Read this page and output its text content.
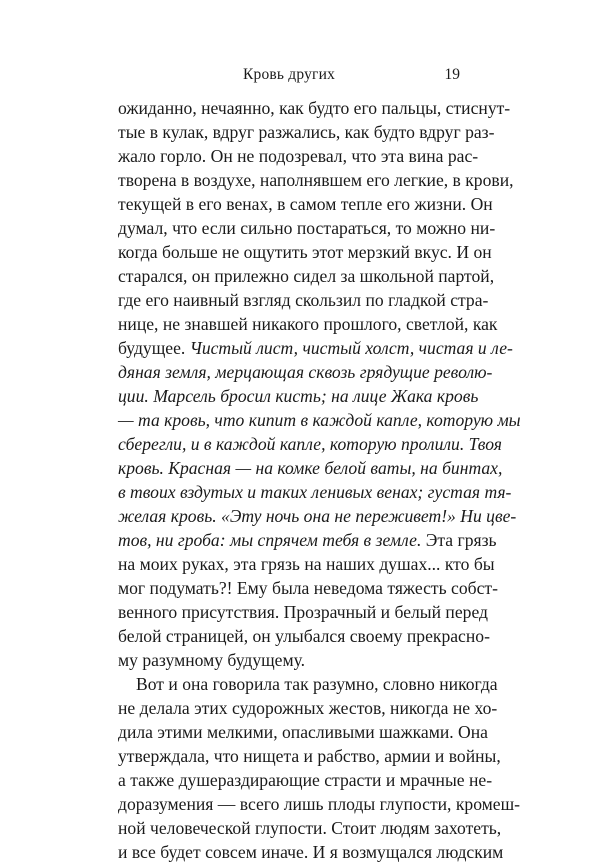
Кровь других	19
ожиданно, нечаянно, как будто его пальцы, стиснут-
тые в кулак, вдруг разжались, как будто вдруг раз-
жало горло. Он не подозревал, что эта вина рас-
творена в воздухе, наполнявшем его легкие, в крови,
текущей в его венах, в самом тепле его жизни. Он
думал, что если сильно постараться, то можно ни-
когда больше не ощутить этот мерзкий вкус. И он
старался, он прилежно сидел за школьной партой,
где его наивный взгляд скользил по гладкой стра-
нице, не знавшей никакого прошлого, светлой, как
будущее. Чистый лист, чистый холст, чистая и ле-
дяная земля, мерцающая сквозь грядущие револю-
ции. Марсель бросил кисть; на лице Жака кровь
— та кровь, что кипит в каждой капле, которую мы
сберегли, и в каждой капле, которую пролили. Твоя
кровь. Красная — на комке белой ваты, на бинтах,
в твоих вздутых и таких ленивых венах; густая тя-
желая кровь. «Эту ночь она не переживет!» Ни цве-
тов, ни гроба: мы спрячем тебя в земле. Эта грязь
на моих руках, эта грязь на наших душах... кто бы
мог подумать?! Ему была неведома тяжесть собст-
венного присутствия. Прозрачный и белый перед
белой страницей, он улыбался своему прекрасно-
му разумному будущему.
Вот и она говорила так разумно, словно никогда
не делала этих судорожных жестов, никогда не хо-
дила этими мелкими, опасливыми шажками. Она
утверждала, что нищета и рабство, армии и войны,
а также душераздирающие страсти и мрачные не-
доразумения — всего лишь плоды глупости, кромеш-
ной человеческой глупости. Стоит людям захотеть,
и все будет совсем иначе. И я возмущался людским
